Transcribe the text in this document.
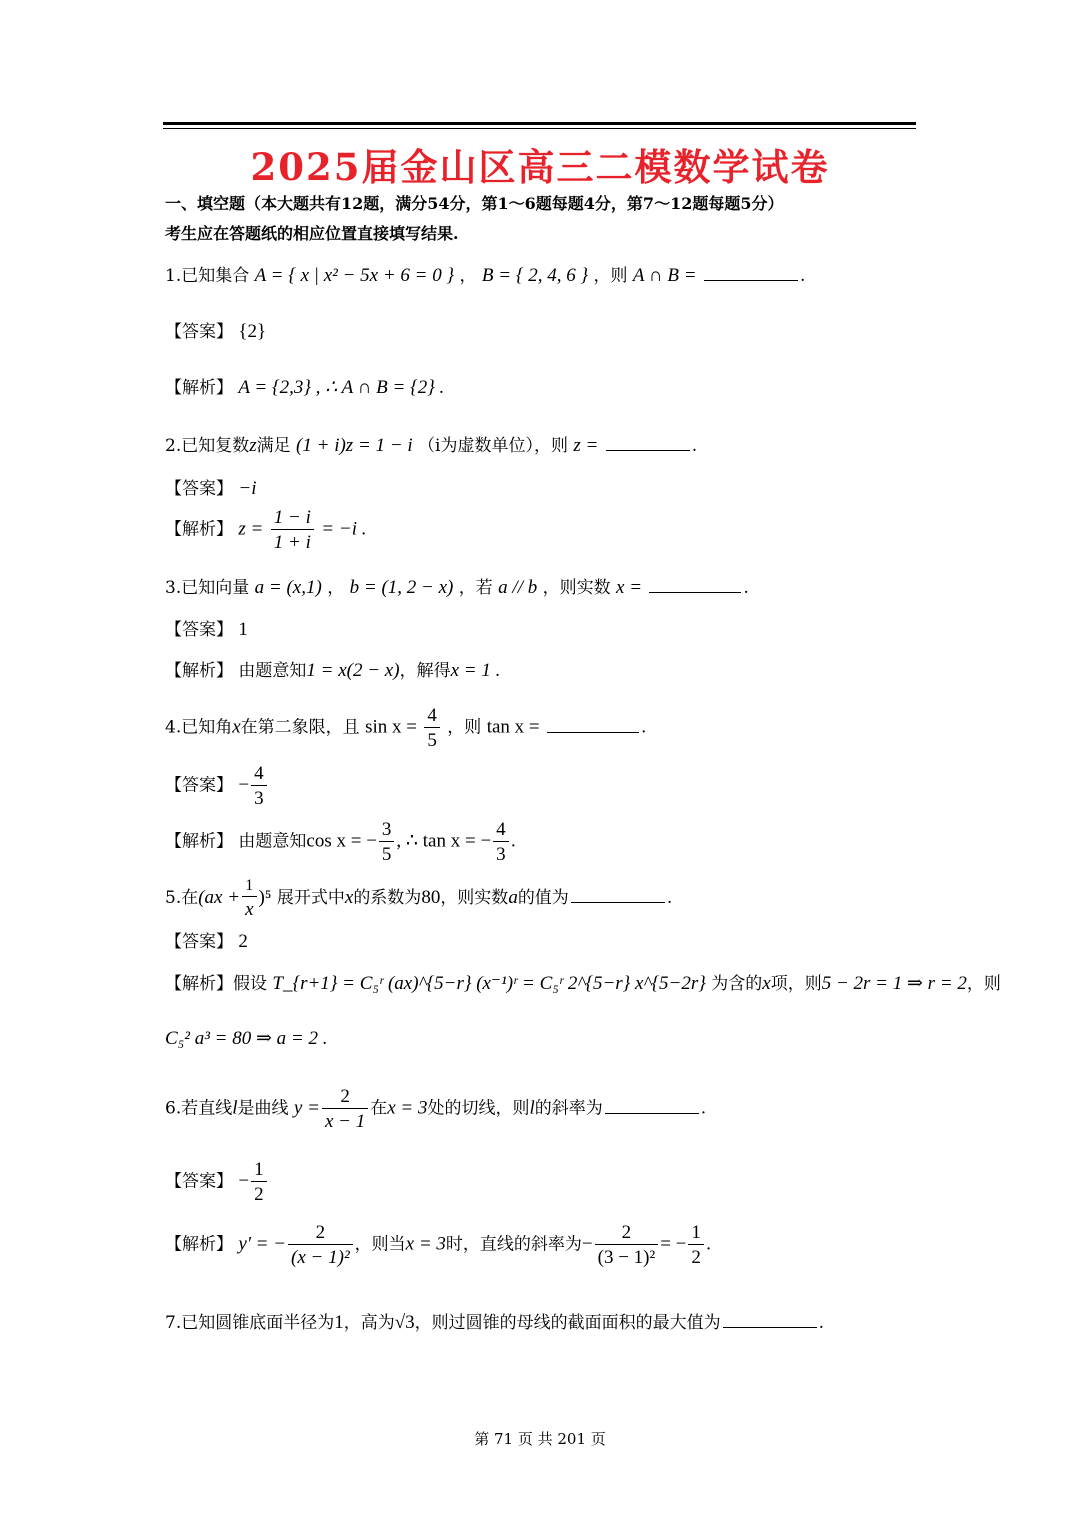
2025届金山区高三二模数学试卷
一、填空题（本大题共有12题，满分54分，第1～6题每题4分，第7～12题每题5分）
考生应在答题纸的相应位置直接填写结果.
1.已知集合 A = { x | x² − 5x + 6 = 0 } ， B = { 2, 4, 6 } ，则 A ∩ B =	.
【答案】 {2}
【解析】 A = {2,3} , ∴ A ∩ B = {2} .
2.已知复数z满足 (1 + i)z = 1 − i （i为虚数单位），则 z =	.
【答案】 −i
【解析】 $z = \frac{1 - i}{1 + i} = -i$ .
3.已知向量 a = (x,1) ， b = (1, 2 − x) ，若 a // b ，则实数 x =	.
【答案】 1
【解析】 由题意知1 = x(2 − x)，解得x = 1 .
4.已知角x在第二象限，且 $\sin x = \frac{4}{5}$ ，则 tan x =	.
【答案】 − $\frac{4}{3}$
【解析】 由题意知cos x = − $\frac{3}{5}$ , ∴ tan x = − $\frac{4}{3}$ .
5.在$(ax + \frac{1}{x} )^5$ 展开式中x的系数为80，则实数a的值为	.
【答案】 2
【解析】假设 T_{r+1} = C₅ʳ (ax)^{5−r} (x⁻¹)ʳ = C₅ʳ 2^{5−r} x^{5−2r} 为含的x项，则5 − 2r = 1 ⇒ r = 2，则
C₅² a³ = 80 ⇒ a = 2 .
6.若直线l是曲线 $y = \frac{2}{x - 1}$ 在x = 3处的切线，则l的斜率为	.
【答案】 − $\frac{1}{2}$
【解析】 y' = − $\frac{2}{\text{(x − 1)²}}$ ，则当x = 3时，直线的斜率为− $\frac{2}{\text{(3 − 1)²}}$ = − $\frac{1}{2}$ .
7.已知圆锥底面半径为1，高为√3，则过圆锥的母线的截面面积的最大值为	.
第 71 页 共 201 页
